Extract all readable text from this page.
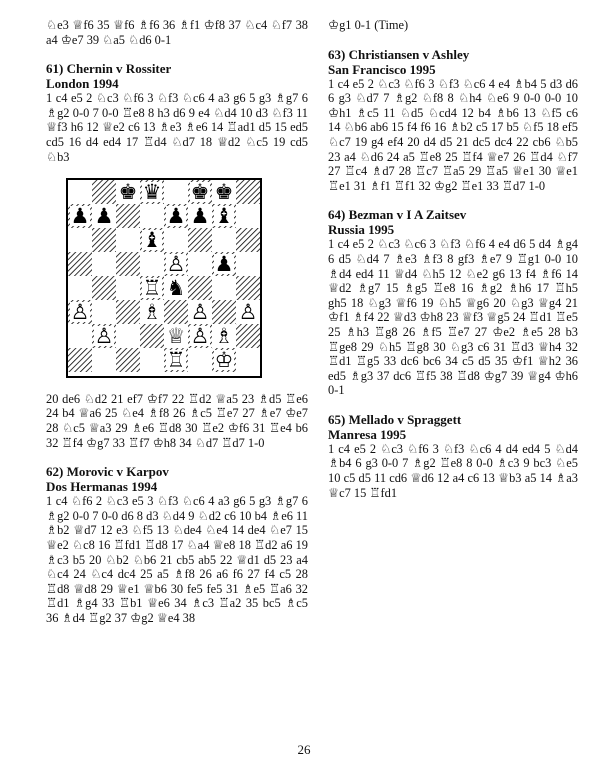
♘e3 ♕f6 35 ♕f6 ♗f6 36 ♗f1 ♔f8 37 ♘c4 ♘f7 38 a4 ♔e7 39 ♘a5 ♘d6 0-1

61) Chernin v Rossiter
London 1994

1 c4 e5 2 ♘c3 ♘f6 3 ♘f3 ♘c6 4 a3 g6 5 g3 ♗g7 6 ♗g2 0-0 7 0-0 ♖e8 8 h3 d6 9 e4 ♘d4 10 d3 ♘f3 11 ♕f3 h6 12 ♕e2 c6 13 ♗e3 ♗e6 14 ♖ad1 d5 15 ed5 cd5 16 d4 ed4 17 ♖d4 ♘d7 18 ♕d2 ♘c5 19 cd5 ♘b3

♚ ♛ ♚ ♚
♟ ♟	♟ ♟ ♝
♝
♙ ♟
♖ ♞
♙	♗ ♙ ♙
♙	♕ ♙ ♗
♖ ♔

20 de6 ♘d2 21 ef7 ♔f7 22 ♖d2 ♕a5 23 ♗d5 ♖e6 24 b4 ♕a6 25 ♘e4 ♗f8 26 ♗c5 ♖e7 27 ♗e7 ♔e7 28 ♘c5 ♕a3 29 ♗e6 ♖d8 30 ♖e2 ♔f6 31 ♖e4 b6 32 ♖f4 ♔g7 33 ♖f7 ♔h8 34 ♘d7 ♖d7 1-0

62) Morovic v Karpov
Dos Hermanas 1994

1 c4 ♘f6 2 ♘c3 e5 3 ♘f3 ♘c6 4 a3 g6 5 g3 ♗g7 6 ♗g2 0-0 7 0-0 d6 8 d3 ♘d4 9 ♘d2 c6 10 b4 ♗e6 11 ♗b2 ♕d7 12 e3 ♘f5 13 ♘de4 ♘e4 14 de4 ♘e7 15 ♕e2 ♘c8 16 ♖fd1 ♖d8 17 ♘a4 ♕e8 18 ♖d2 a6 19 ♗c3 b5 20 ♘b2 ♘b6 21 cb5 ab5 22 ♕d1 d5 23 a4 ♘c4 24 ♘c4 dc4 25 a5 ♗f8 26 a6 f6 27 f4 c5 28 ♖d8 ♕d8 29 ♕e1 ♕b6 30 fe5 fe5 31 ♗e5 ♖a6 32 ♖d1 ♗g4 33 ♖b1 ♕e6 34 ♗c3 ♖a2 35 bc5 ♗c5 36 ♗d4 ♖g2 37 ♔g2 ♕e4 38

♔g1 0-1 (Time)

63) Christiansen v Ashley
San Francisco 1995

1 c4 e5 2 ♘c3 ♘f6 3 ♘f3 ♘c6 4 e4 ♗b4 5 d3 d6 6 g3 ♘d7 7 ♗g2 ♘f8 8 ♘h4 ♘e6 9 0-0 0-0 10 ♔h1 ♗c5 11 ♘d5 ♘cd4 12 b4 ♗b6 13 ♘f5 c6 14 ♘b6 ab6 15 f4 f6 16 ♗b2 c5 17 b5 ♘f5 18 ef5 ♘c7 19 g4 ef4 20 d4 d5 21 dc5 dc4 22 cb6 ♘b5 23 a4 ♘d6 24 a5 ♖e8 25 ♖f4 ♕e7 26 ♖d4 ♘f7 27 ♖c4 ♗d7 28 ♖c7 ♖a5 29 ♖a5 ♕e1 30 ♕e1 ♖e1 31 ♗f1 ♖f1 32 ♔g2 ♖e1 33 ♖d7 1-0

64) Bezman v I A Zaitsev
Russia 1995

1 c4 e5 2 ♘c3 ♘c6 3 ♘f3 ♘f6 4 e4 d6 5 d4 ♗g4 6 d5 ♘d4 7 ♗e3 ♗f3 8 gf3 ♗e7 9 ♖g1 0-0 10 ♗d4 ed4 11 ♕d4 ♘h5 12 ♘e2 g6 13 f4 ♗f6 14 ♕d2 ♗g7 15 ♗g5 ♖e8 16 ♗g2 ♗h6 17 ♖h5 gh5 18 ♘g3 ♕f6 19 ♘h5 ♕g6 20 ♘g3 ♕g4 21 ♔f1 ♗f4 22 ♕d3 ♔h8 23 ♕f3 ♕g5 24 ♖d1 ♖e5 25 ♗h3 ♖g8 26 ♗f5 ♖e7 27 ♔e2 ♗e5 28 b3 ♖ge8 29 ♘h5 ♖g8 30 ♘g3 c6 31 ♖d3 ♕h4 32 ♖d1 ♖g5 33 dc6 bc6 34 c5 d5 35 ♔f1 ♕h2 36 ed5 ♗g3 37 dc6 ♖f5 38 ♖d8 ♔g7 39 ♕g4 ♔h6 0-1

65) Mellado v Spraggett
Manresa 1995

1 c4 e5 2 ♘c3 ♘f6 3 ♘f3 ♘c6 4 d4 ed4 5 ♘d4 ♗b4 6 g3 0-0 7 ♗g2 ♖e8 8 0-0 ♗c3 9 bc3 ♘e5 10 c5 d5 11 cd6 ♕d6 12 a4 c6 13 ♕b3 a5 14 ♗a3 ♕c7 15 ♖fd1

26
